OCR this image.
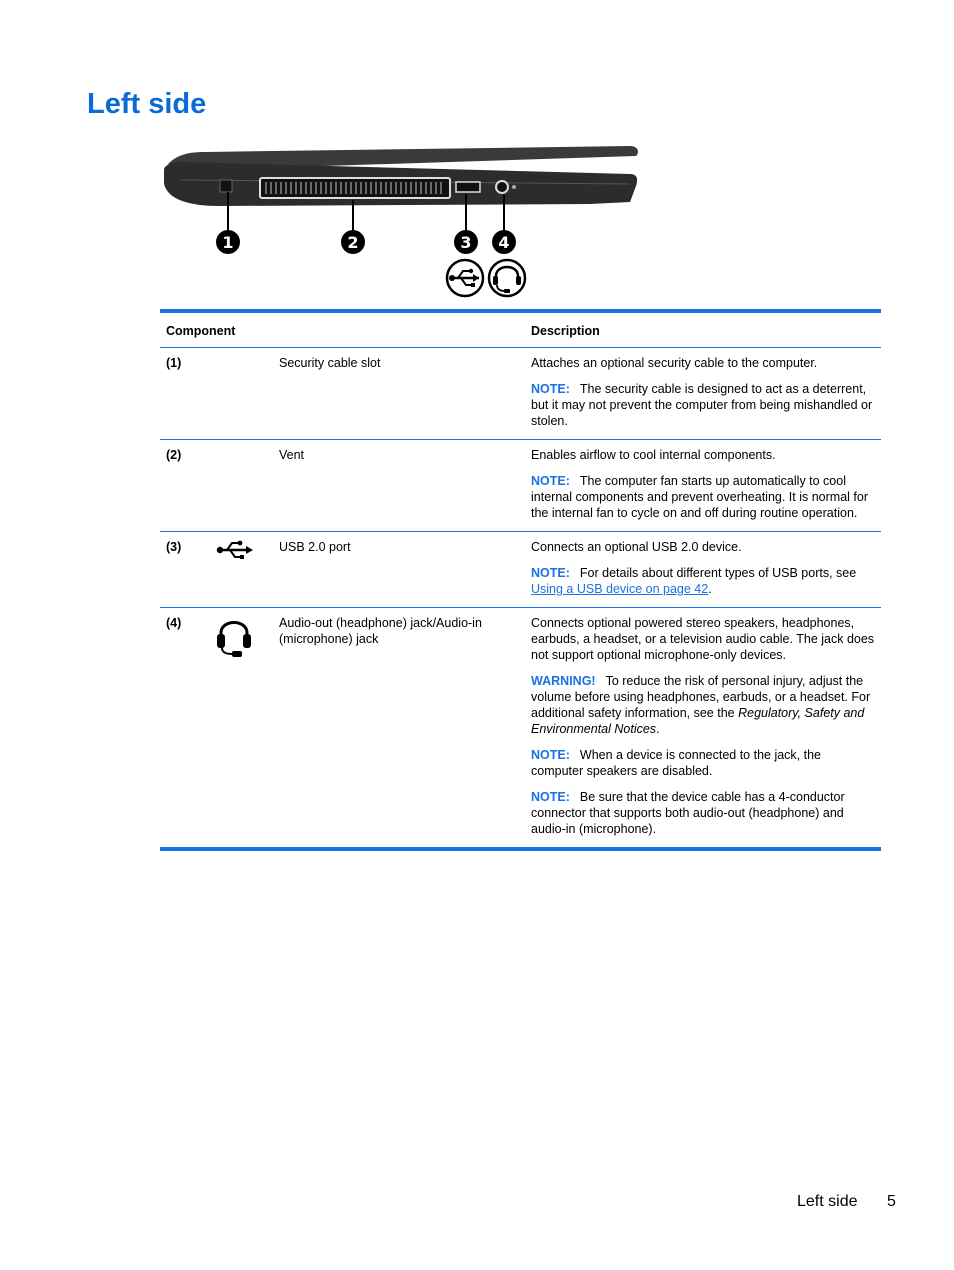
Left side
1	2	3 4
Component			Description
(1)		Security cable slot	Attaches an optional security cable to the computer.

NOTE: The security cable is designed to act as a deterrent, but it may not prevent the computer from being mishandled or stolen.

(2)		Vent	Enables airflow to cool internal components.

NOTE: The computer fan starts up automatically to cool internal components and prevent overheating. It is normal for the internal fan to cycle on and off during routine operation.

(3)		USB 2.0 port	Connects an optional USB 2.0 device.

NOTE: For details about different types of USB ports, see Using a USB device on page 42.

(4)		Audio-out (headphone) jack/Audio-in (microphone) jack	Connects optional powered stereo speakers, headphones, earbuds, a headset, or a television audio cable. The jack does not support optional microphone-only devices.

WARNING! To reduce the risk of personal injury, adjust the volume before using headphones, earbuds, or a headset. For additional safety information, see the Regulatory, Safety and Environmental Notices.

NOTE: When a device is connected to the jack, the computer speakers are disabled.

NOTE: Be sure that the device cable has a 4-conductor connector that supports both audio-out (headphone) and audio-in (microphone).

Left side 5
